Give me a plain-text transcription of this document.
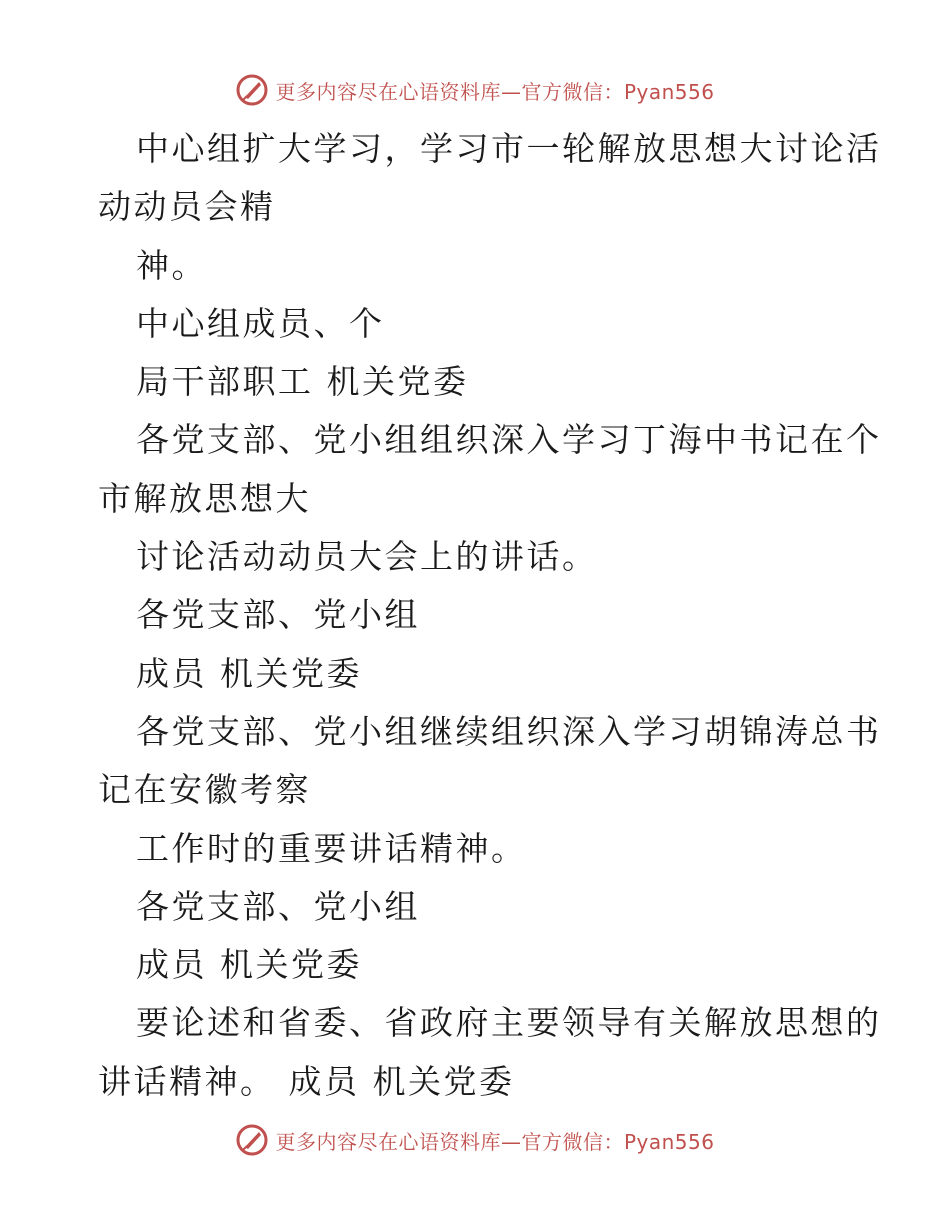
更多内容尽在心语资料库—官方微信：Pyan556
中心组扩大学习，学习市一轮解放思想大讨论活
动动员会精
神。
中心组成员、个
局干部职工 机关党委
各党支部、党小组组织深入学习丁海中书记在个
市解放思想大
讨论活动动员大会上的讲话。
各党支部、党小组
成员 机关党委
各党支部、党小组继续组织深入学习胡锦涛总书
记在安徽考察
工作时的重要讲话精神。
各党支部、党小组
成员 机关党委
要论述和省委、省政府主要领导有关解放思想的
讲话精神。 成员 机关党委
更多内容尽在心语资料库—官方微信：Pyan556
